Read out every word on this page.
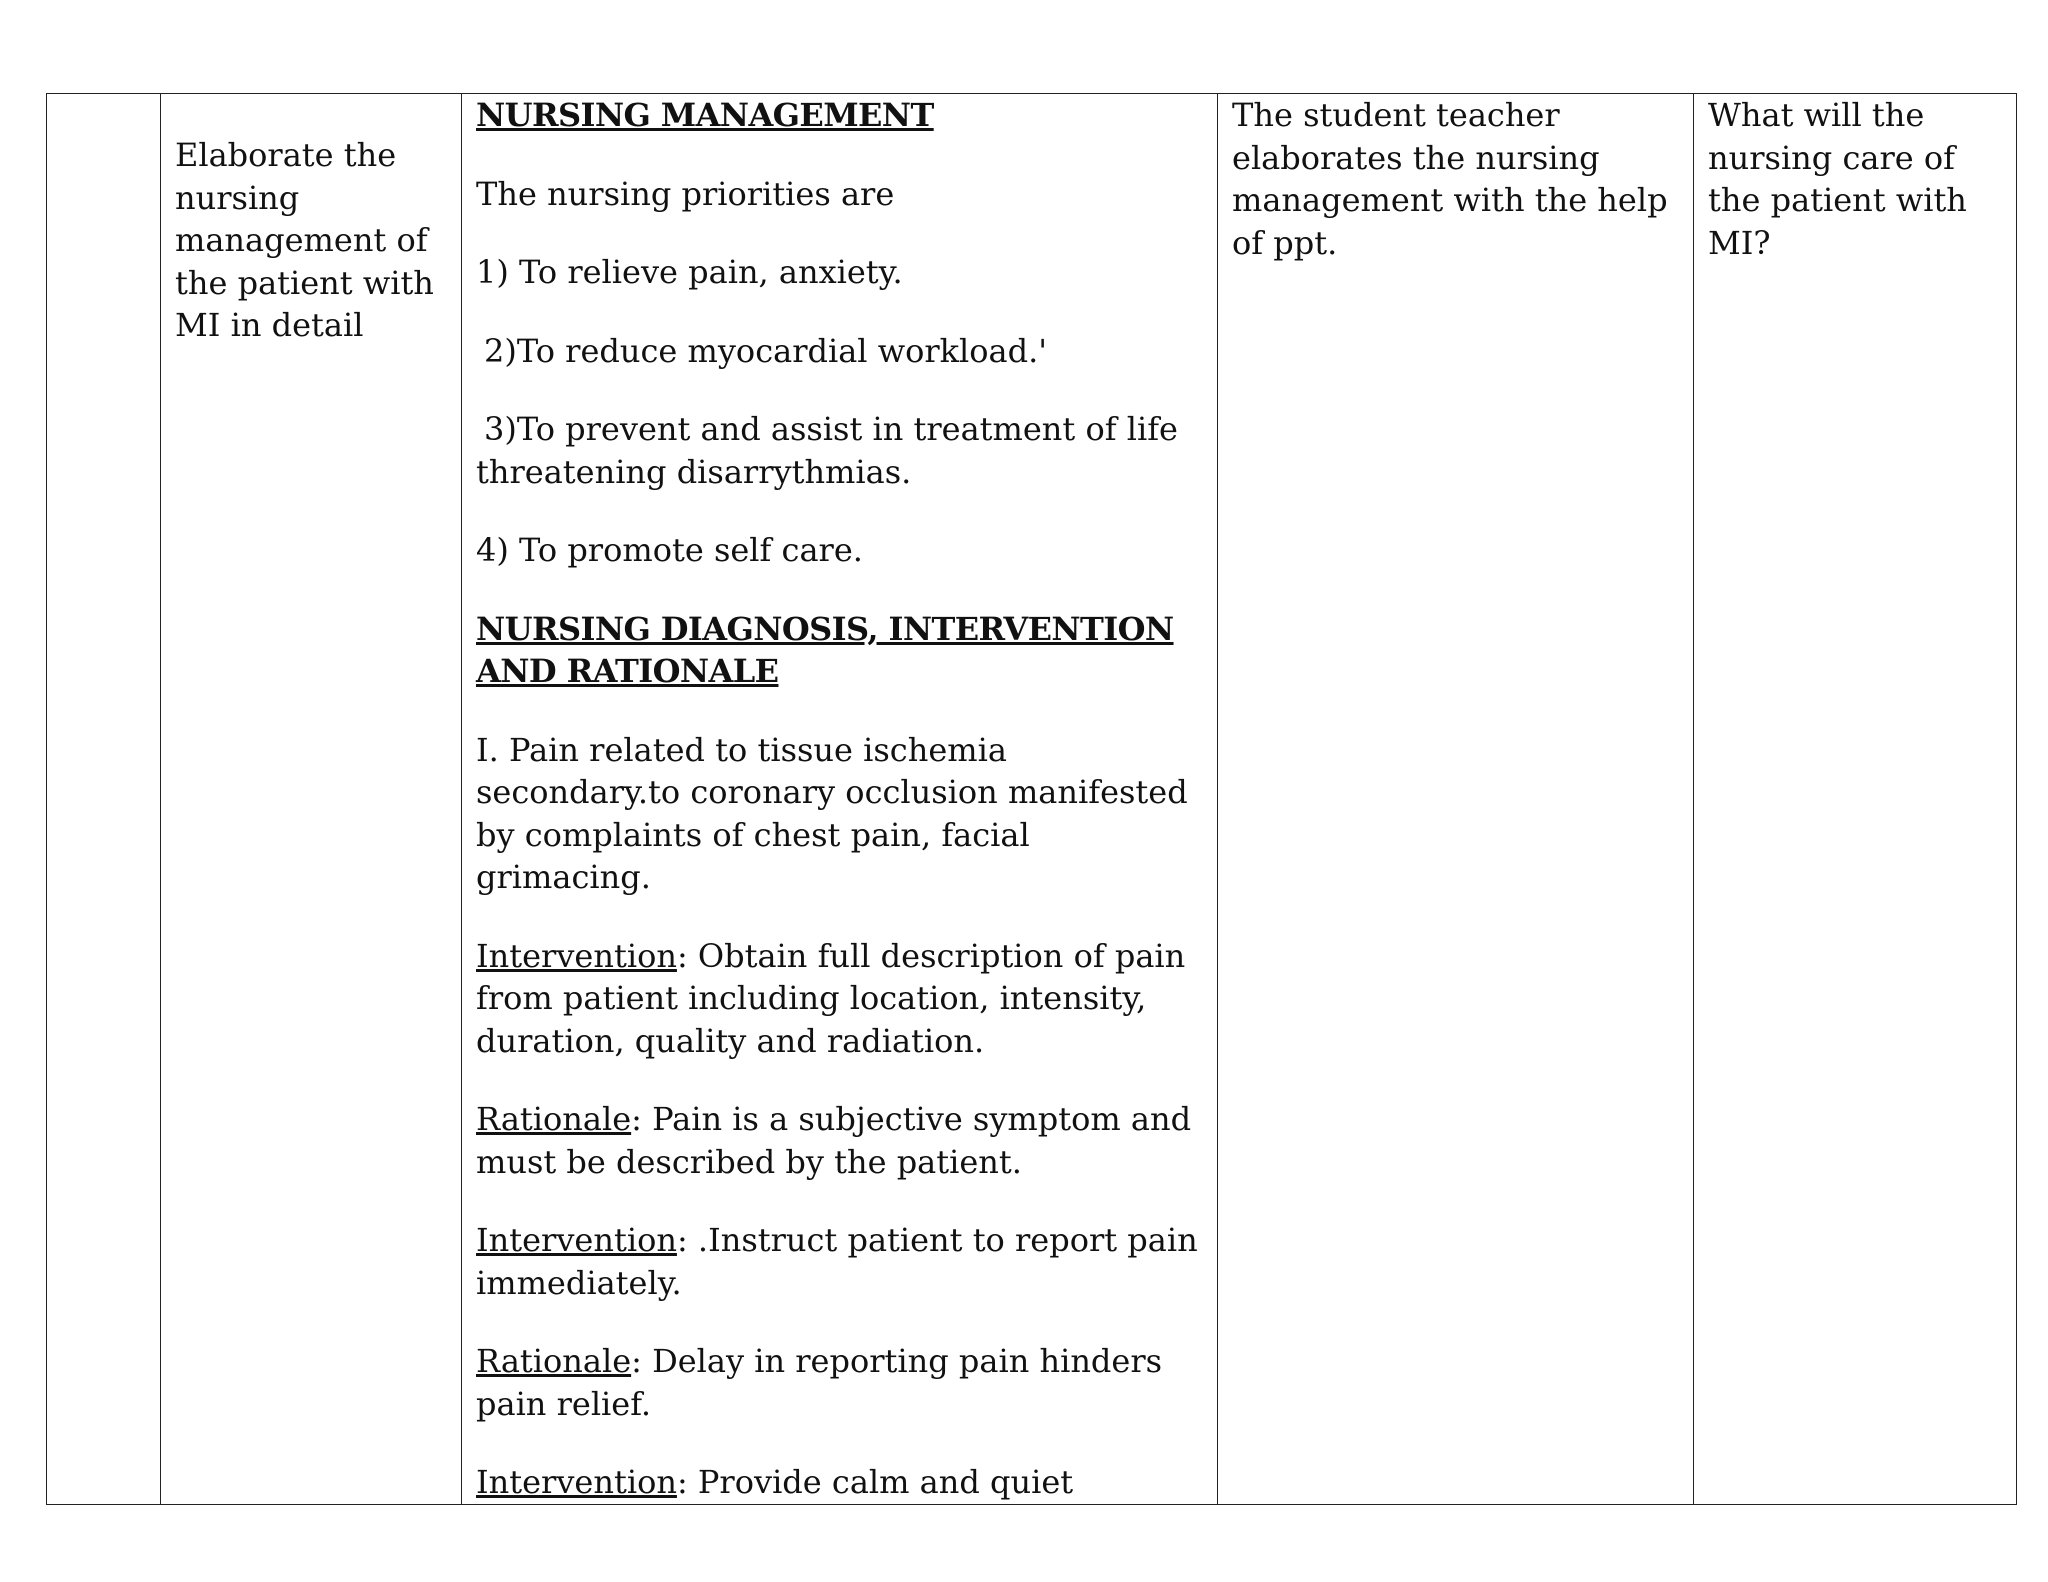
Elaborate the nursing management of the patient with MI in detail

NURSING MANAGEMENT
The nursing priorities are
1) To relieve pain, anxiety.
2)To reduce myocardial workload.'
3)To prevent and assist in treatment of life threatening disarrythmias.
4) To promote self care.
NURSING DIAGNOSIS, INTERVENTION AND RATIONALE
I. Pain related to tissue ischemia secondary.to coronary occlusion manifested by complaints of chest pain, facial grimacing.
Intervention: Obtain full description of pain from patient including location, intensity, duration, quality and radiation.
Rationale: Pain is a subjective symptom and must be described by the patient.
Intervention: .Instruct patient to report pain immediately.
Rationale: Delay in reporting pain hinders pain relief.
Intervention: Provide calm and quiet

The student teacher elaborates the nursing management with the help of ppt.

What will the nursing care of the patient with MI?
